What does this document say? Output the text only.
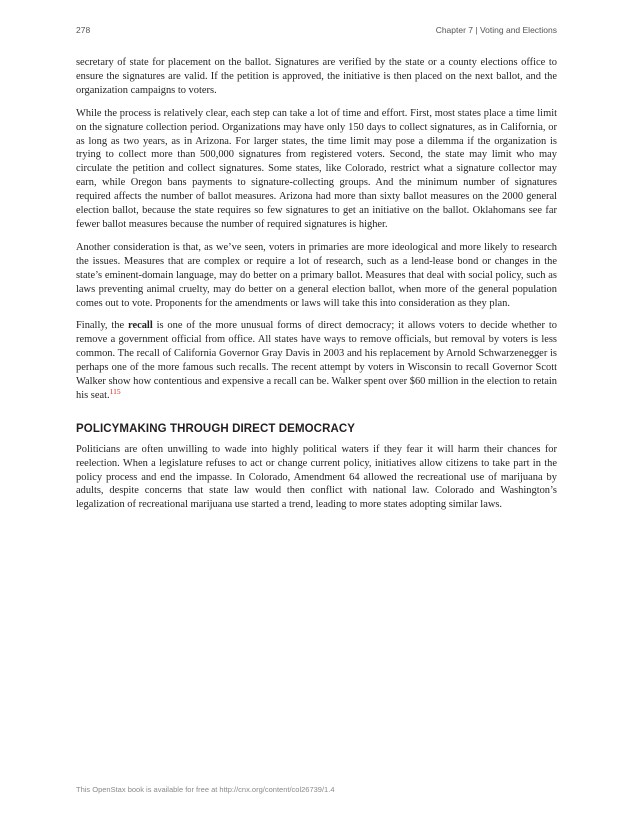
278	Chapter 7 | Voting and Elections

secretary of state for placement on the ballot. Signatures are verified by the state or a county elections office to ensure the signatures are valid. If the petition is approved, the initiative is then placed on the next ballot, and the organization campaigns to voters.

While the process is relatively clear, each step can take a lot of time and effort. First, most states place a time limit on the signature collection period. Organizations may have only 150 days to collect signatures, as in California, or as long as two years, as in Arizona. For larger states, the time limit may pose a dilemma if the organization is trying to collect more than 500,000 signatures from registered voters. Second, the state may limit who may circulate the petition and collect signatures. Some states, like Colorado, restrict what a signature collector may earn, while Oregon bans payments to signature-collecting groups. And the minimum number of signatures required affects the number of ballot measures. Arizona had more than sixty ballot measures on the 2000 general election ballot, because the state requires so few signatures to get an initiative on the ballot. Oklahomans see far fewer ballot measures because the number of required signatures is higher.

Another consideration is that, as we’ve seen, voters in primaries are more ideological and more likely to research the issues. Measures that are complex or require a lot of research, such as a lend-lease bond or changes in the state’s eminent-domain language, may do better on a primary ballot. Measures that deal with social policy, such as laws preventing animal cruelty, may do better on a general election ballot, when more of the general population comes out to vote. Proponents for the amendments or laws will take this into consideration as they plan.

Finally, the recall is one of the more unusual forms of direct democracy; it allows voters to decide whether to remove a government official from office. All states have ways to remove officials, but removal by voters is less common. The recall of California Governor Gray Davis in 2003 and his replacement by Arnold Schwarzenegger is perhaps one of the more famous such recalls. The recent attempt by voters in Wisconsin to recall Governor Scott Walker show how contentious and expensive a recall can be. Walker spent over $60 million in the election to retain his seat.$^{115}$

POLICYMAKING THROUGH DIRECT DEMOCRACY

Politicians are often unwilling to wade into highly political waters if they fear it will harm their chances for reelection. When a legislature refuses to act or change current policy, initiatives allow citizens to take part in the policy process and end the impasse. In Colorado, Amendment 64 allowed the recreational use of marijuana by adults, despite concerns that state law would then conflict with national law. Colorado and Washington’s legalization of recreational marijuana use started a trend, leading to more states adopting similar laws.

This OpenStax book is available for free at http://cnx.org/content/col26739/1.4
